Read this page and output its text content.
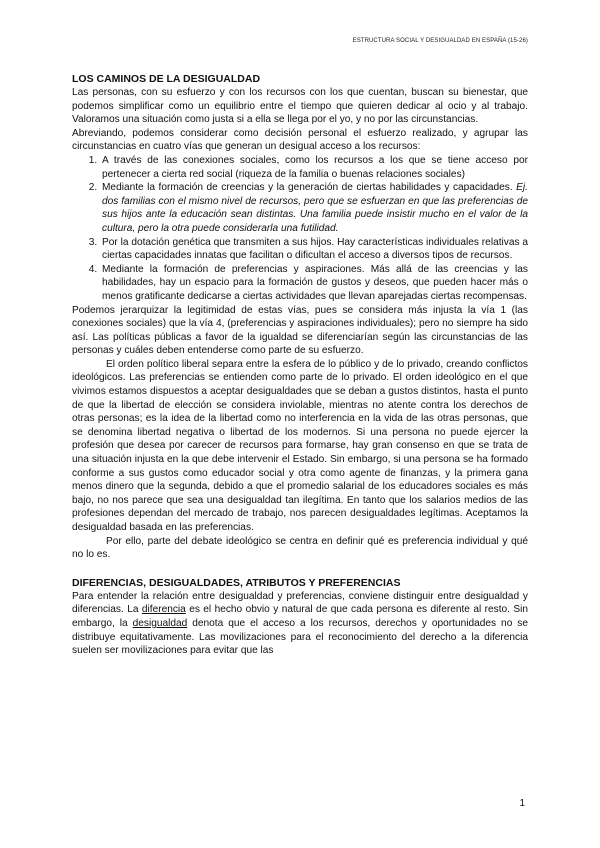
ESTRUCTURA SOCIAL Y DESIGUALDAD EN ESPAÑA (15-26)
LOS CAMINOS DE LA DESIGUALDAD

Las personas, con su esfuerzo y con los recursos con los que cuentan, buscan su bienestar, que podemos simplificar como un equilibrio entre el tiempo que quieren dedicar al ocio y al trabajo. Valoramos una situación como justa si a ella se llega por el yo, y no por las circunstancias.

Abreviando, podemos considerar como decisión personal el esfuerzo realizado, y agrupar las circunstancias en cuatro vías que generan un desigual acceso a los recursos:

1. A través de las conexiones sociales, como los recursos a los que se tiene acceso por pertenecer a cierta red social (riqueza de la familia o buenas relaciones sociales)
2. Mediante la formación de creencias y la generación de ciertas habilidades y capacidades. Ej. dos familias con el mismo nivel de recursos, pero que se esfuerzan en que las preferencias de sus hijos ante la educación sean distintas. Una familia puede insistir mucho en el valor de la cultura, pero la otra puede considerarla una futilidad.
3. Por la dotación genética que transmiten a sus hijos. Hay características individuales relativas a ciertas capacidades innatas que facilitan o dificultan el acceso a diversos tipos de recursos.
4. Mediante la formación de preferencias y aspiraciones. Más allá de las creencias y las habilidades, hay un espacio para la formación de gustos y deseos, que pueden hacer más o menos gratificante dedicarse a ciertas actividades que llevan aparejadas ciertas recompensas.

Podemos jerarquizar la legitimidad de estas vías, pues se considera más injusta la vía 1 (las conexiones sociales) que la vía 4, (preferencias y aspiraciones individuales); pero no siempre ha sido así. Las políticas públicas a favor de la igualdad se diferenciarían según las circunstancias de las personas y cuáles deben entenderse como parte de su esfuerzo.

El orden político liberal separa entre la esfera de lo público y de lo privado, creando conflictos ideológicos. Las preferencias se entienden como parte de lo privado. El orden ideológico en el que vivimos estamos dispuestos a aceptar desigualdades que se deban a gustos distintos, hasta el punto de que la libertad de elección se considera inviolable, mientras no atente contra los derechos de otras personas; es la idea de la libertad como no interferencia en la vida de las otras personas, que se denomina libertad negativa o libertad de los modernos. Si una persona no puede ejercer la profesión que desea por carecer de recursos para formarse, hay gran consenso en que se trata de una situación injusta en la que debe intervenir el Estado. Sin embargo, si una persona se ha formado conforme a sus gustos como educador social y otra como agente de finanzas, y la primera gana menos dinero que la segunda, debido a que el promedio salarial de los educadores sociales es más bajo, no nos parece que sea una desigualdad tan ilegítima. En tanto que los salarios medios de las profesiones dependan del mercado de trabajo, nos parecen desigualdades legítimas. Aceptamos la desigualdad basada en las preferencias.

Por ello, parte del debate ideológico se centra en definir qué es preferencia individual y qué no lo es.

DIFERENCIAS, DESIGUALDADES, ATRIBUTOS Y PREFERENCIAS

Para entender la relación entre desigualdad y preferencias, conviene distinguir entre desigualdad y diferencias. La diferencia es el hecho obvio y natural de que cada persona es diferente al resto. Sin embargo, la desigualdad denota que el acceso a los recursos, derechos y oportunidades no se distribuye equitativamente. Las movilizaciones para el reconocimiento del derecho a la diferencia suelen ser movilizaciones para evitar que las

1
